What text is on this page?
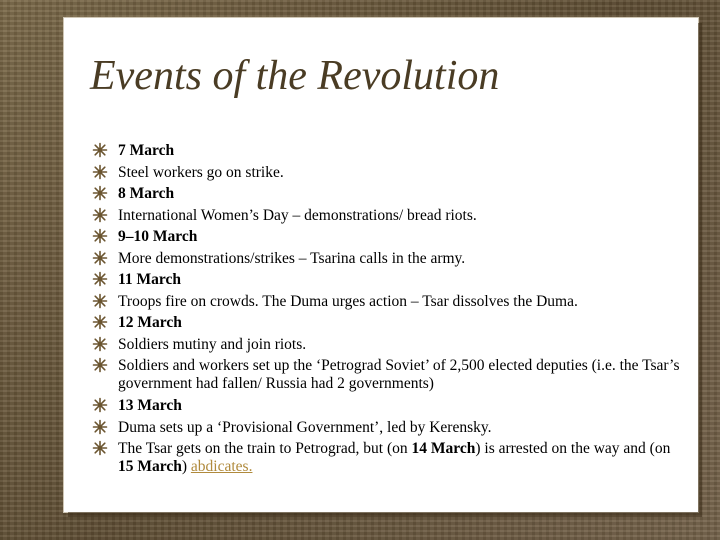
Events of the Revolution
7 March
Steel workers go on strike.
8 March
International Women’s Day – demonstrations/ bread riots.
9–10 March
More demonstrations/strikes – Tsarina calls in the army.
11 March
Troops fire on crowds. The Duma urges action – Tsar dissolves the Duma.
12 March
Soldiers mutiny and join riots.
Soldiers and workers set up the ‘Petrograd Soviet’ of 2,500 elected deputies (i.e. the Tsar’s government had fallen/ Russia had 2 governments)
13 March
Duma sets up a ‘Provisional Government’, led by Kerensky.
The Tsar gets on the train to Petrograd, but (on 14 March) is arrested on the way and (on 15 March) abdicates.
